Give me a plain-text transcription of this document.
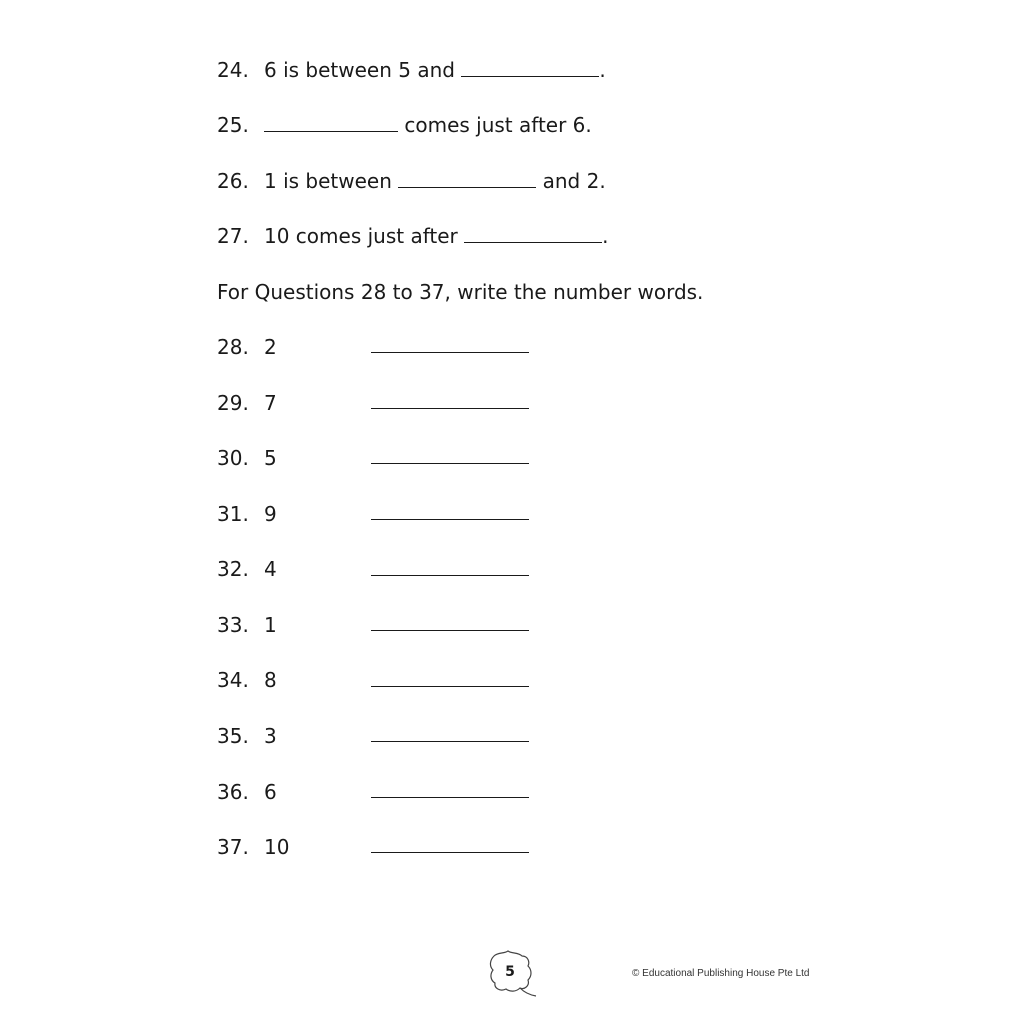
24. 6 is between 5 and	.
25.	comes just after 6.
26. 1 is between	and 2.
27. 10 comes just after	.
For Questions 28 to 37, write the number words.
28. 2
29. 7
30. 5
31. 9
32. 4
33. 1
34. 8
35. 3
36. 6
37. 10
5	© Educational Publishing House Pte Ltd
